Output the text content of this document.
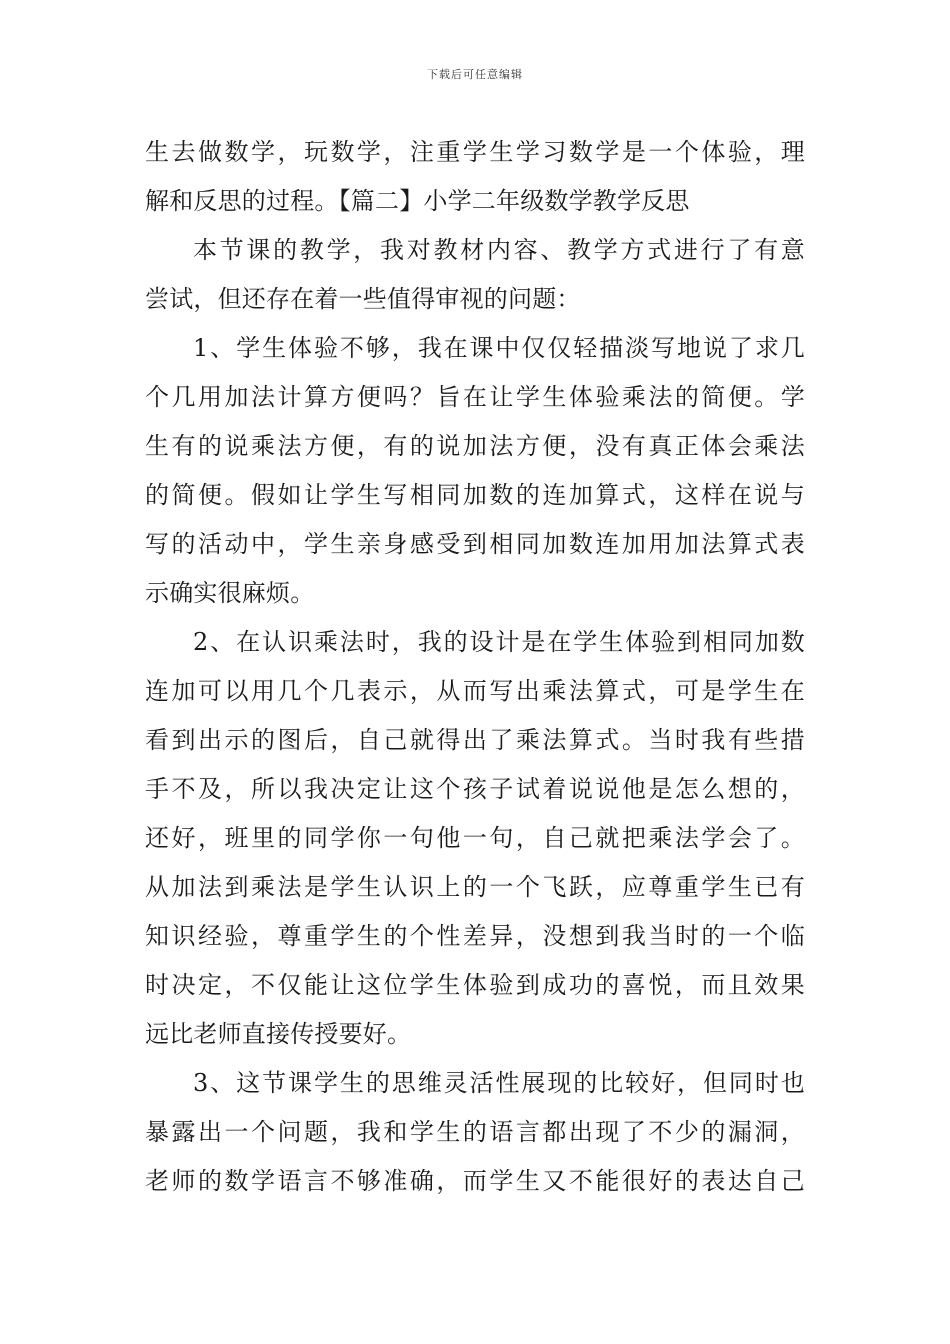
下载后可任意编辑
生去做数学，玩数学，注重学生学习数学是一个体验，理
解和反思的过程。【篇二】小学二年级数学教学反思
本节课的教学，我对教材内容、教学方式进行了有意
尝试，但还存在着一些值得审视的问题：
1、学生体验不够，我在课中仅仅轻描淡写地说了求几
个几用加法计算方便吗？旨在让学生体验乘法的简便。学
生有的说乘法方便，有的说加法方便，没有真正体会乘法
的简便。假如让学生写相同加数的连加算式，这样在说与
写的活动中，学生亲身感受到相同加数连加用加法算式表
示确实很麻烦。
2、在认识乘法时，我的设计是在学生体验到相同加数
连加可以用几个几表示，从而写出乘法算式，可是学生在
看到出示的图后，自己就得出了乘法算式。当时我有些措
手不及，所以我决定让这个孩子试着说说他是怎么想的，
还好，班里的同学你一句他一句，自己就把乘法学会了。
从加法到乘法是学生认识上的一个飞跃，应尊重学生已有
知识经验，尊重学生的个性差异，没想到我当时的一个临
时决定，不仅能让这位学生体验到成功的喜悦，而且效果
远比老师直接传授要好。
3、这节课学生的思维灵活性展现的比较好，但同时也
暴露出一个问题，我和学生的语言都出现了不少的漏洞，
老师的数学语言不够准确，而学生又不能很好的表达自己
